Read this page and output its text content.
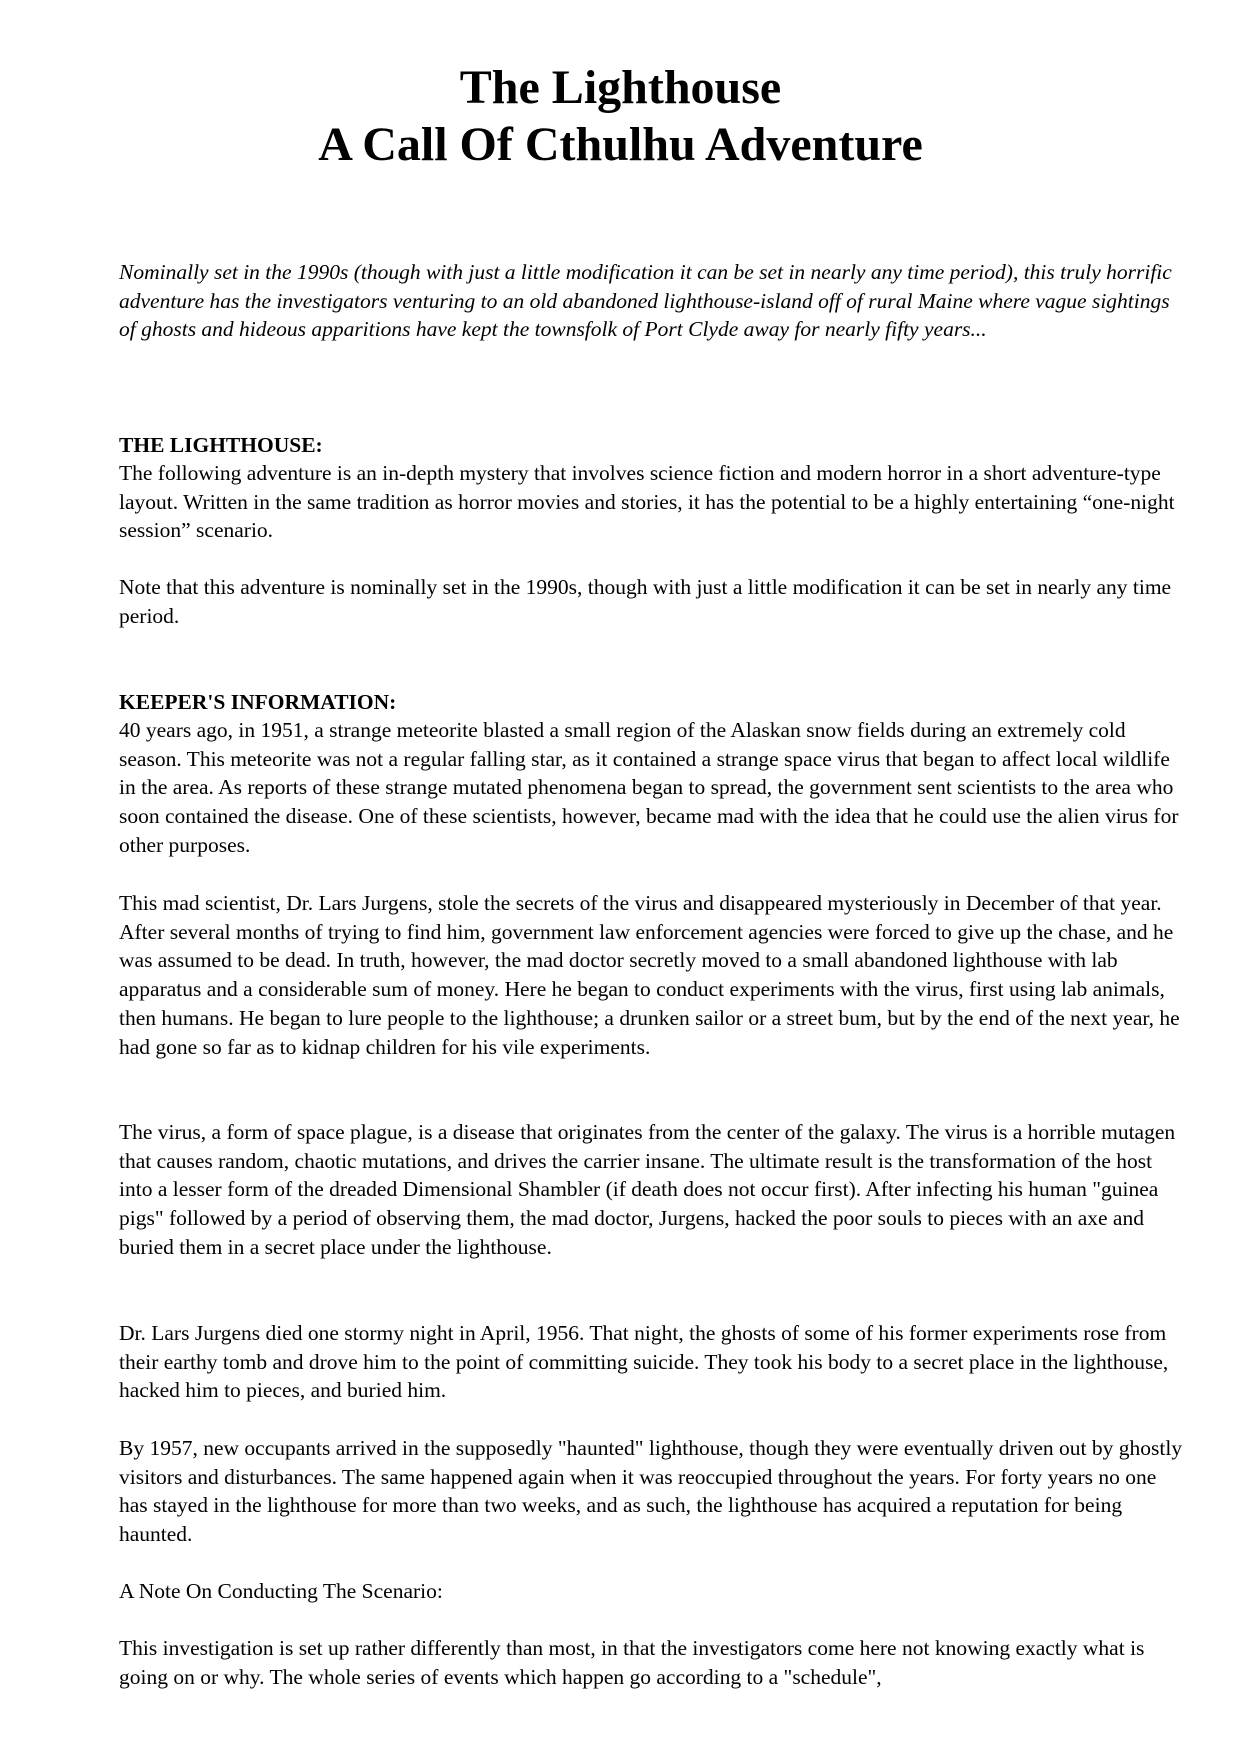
The Lighthouse
A Call Of Cthulhu Adventure

Nominally set in the 1990s (though with just a little modification it can be set in nearly any time period), this truly horrific adventure has the investigators venturing to an old abandoned lighthouse-island off of rural Maine where vague sightings of ghosts and hideous apparitions have kept the townsfolk of Port Clyde away for nearly fifty years...

THE LIGHTHOUSE:

The following adventure is an in-depth mystery that involves science fiction and modern horror in a short adventure-type layout. Written in the same tradition as horror movies and stories, it has the potential to be a highly entertaining “one-night session” scenario.

Note that this adventure is nominally set in the 1990s, though with just a little modification it can be set in nearly any time period.

KEEPER'S INFORMATION:

40 years ago, in 1951, a strange meteorite blasted a small region of the Alaskan snow fields during an extremely cold season. This meteorite was not a regular falling star, as it contained a strange space virus that began to affect local wildlife in the area. As reports of these strange mutated phenomena began to spread, the government sent scientists to the area who soon contained the disease. One of these scientists, however, became mad with the idea that he could use the alien virus for other purposes.

This mad scientist, Dr. Lars Jurgens, stole the secrets of the virus and disappeared mysteriously in December of that year. After several months of trying to find him, government law enforcement agencies were forced to give up the chase, and he was assumed to be dead. In truth, however, the mad doctor secretly moved to a small abandoned lighthouse with lab apparatus and a considerable sum of money. Here he began to conduct experiments with the virus, first using lab animals, then humans. He began to lure people to the lighthouse; a drunken sailor or a street bum, but by the end of the next year, he had gone so far as to kidnap children for his vile experiments.

The virus, a form of space plague, is a disease that originates from the center of the galaxy. The virus is a horrible mutagen that causes random, chaotic mutations, and drives the carrier insane. The ultimate result is the transformation of the host into a lesser form of the dreaded Dimensional Shambler (if death does not occur first). After infecting his human "guinea pigs" followed by a period of observing them, the mad doctor, Jurgens, hacked the poor souls to pieces with an axe and buried them in a secret place under the lighthouse.

Dr. Lars Jurgens died one stormy night in April, 1956. That night, the ghosts of some of his former experiments rose from their earthy tomb and drove him to the point of committing suicide. They took his body to a secret place in the lighthouse, hacked him to pieces, and buried him.

By 1957, new occupants arrived in the supposedly "haunted" lighthouse, though they were eventually driven out by ghostly visitors and disturbances. The same happened again when it was reoccupied throughout the years. For forty years no one has stayed in the lighthouse for more than two weeks, and as such, the lighthouse has acquired a reputation for being haunted.

A Note On Conducting The Scenario:

This investigation is set up rather differently than most, in that the investigators come here not knowing exactly what is going on or why. The whole series of events which happen go according to a "schedule",
